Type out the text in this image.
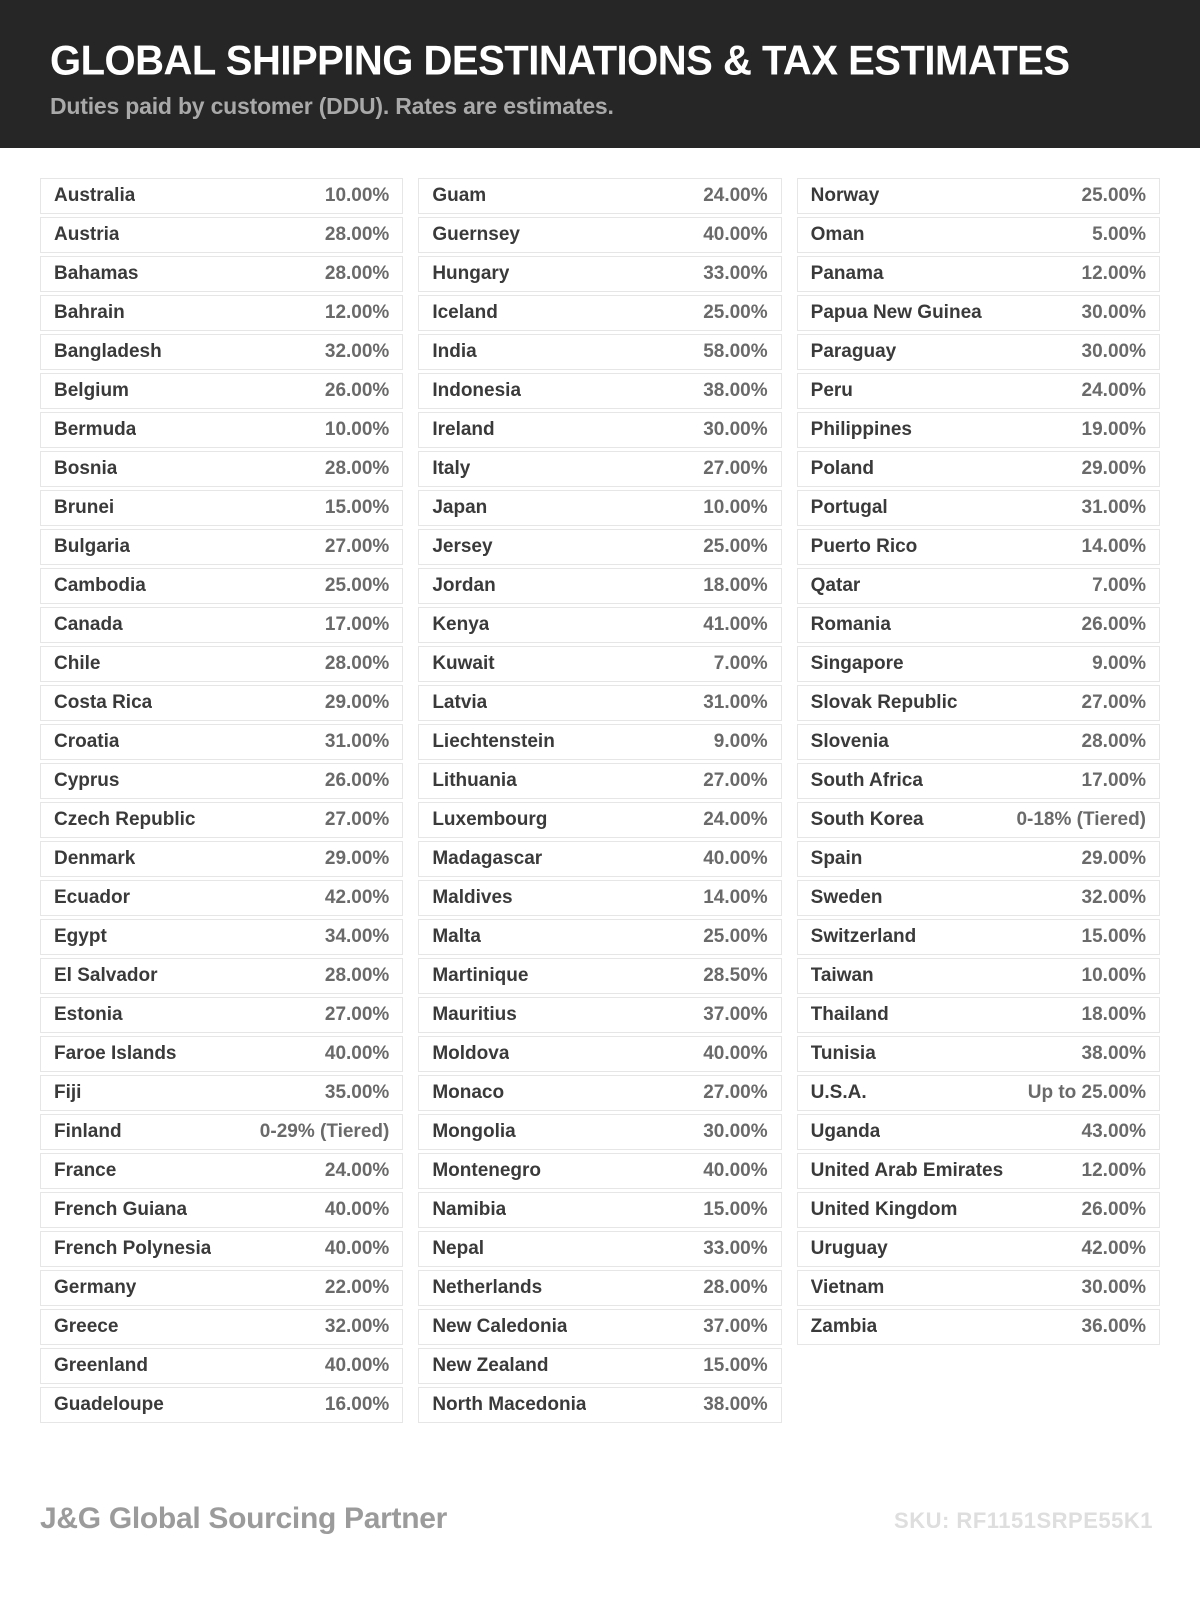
GLOBAL SHIPPING DESTINATIONS & TAX ESTIMATES

Duties paid by customer (DDU). Rates are estimates.

Australia	10.00%
Austria	28.00%
Bahamas	28.00%
Bahrain	12.00%
Bangladesh	32.00%
Belgium	26.00%
Bermuda	10.00%
Bosnia	28.00%
Brunei	15.00%
Bulgaria	27.00%
Cambodia	25.00%
Canada	17.00%
Chile	28.00%
Costa Rica	29.00%
Croatia	31.00%
Cyprus	26.00%
Czech Republic	27.00%
Denmark	29.00%
Ecuador	42.00%
Egypt	34.00%
El Salvador	28.00%
Estonia	27.00%
Faroe Islands	40.00%
Fiji	35.00%
Finland	0-29% (Tiered)
France	24.00%
French Guiana	40.00%
French Polynesia	40.00%
Germany	22.00%
Greece	32.00%
Greenland	40.00%
Guadeloupe	16.00%
Guam	24.00%
Guernsey	40.00%
Hungary	33.00%
Iceland	25.00%
India	58.00%
Indonesia	38.00%
Ireland	30.00%
Italy	27.00%
Japan	10.00%
Jersey	25.00%
Jordan	18.00%
Kenya	41.00%
Kuwait	7.00%
Latvia	31.00%
Liechtenstein	9.00%
Lithuania	27.00%
Luxembourg	24.00%
Madagascar	40.00%
Maldives	14.00%
Malta	25.00%
Martinique	28.50%
Mauritius	37.00%
Moldova	40.00%
Monaco	27.00%
Mongolia	30.00%
Montenegro	40.00%
Namibia	15.00%
Nepal	33.00%
Netherlands	28.00%
New Caledonia	37.00%
New Zealand	15.00%
North Macedonia	38.00%
Norway	25.00%
Oman	5.00%
Panama	12.00%
Papua New Guinea	30.00%
Paraguay	30.00%
Peru	24.00%
Philippines	19.00%
Poland	29.00%
Portugal	31.00%
Puerto Rico	14.00%
Qatar	7.00%
Romania	26.00%
Singapore	9.00%
Slovak Republic	27.00%
Slovenia	28.00%
South Africa	17.00%
South Korea	0-18% (Tiered)
Spain	29.00%
Sweden	32.00%
Switzerland	15.00%
Taiwan	10.00%
Thailand	18.00%
Tunisia	38.00%
U.S.A.	Up to 25.00%
Uganda	43.00%
United Arab Emirates	12.00%
United Kingdom	26.00%
Uruguay	42.00%
Vietnam	30.00%
Zambia	36.00%
J&G Global Sourcing Partner	SKU: RF1151SRPE55K1
